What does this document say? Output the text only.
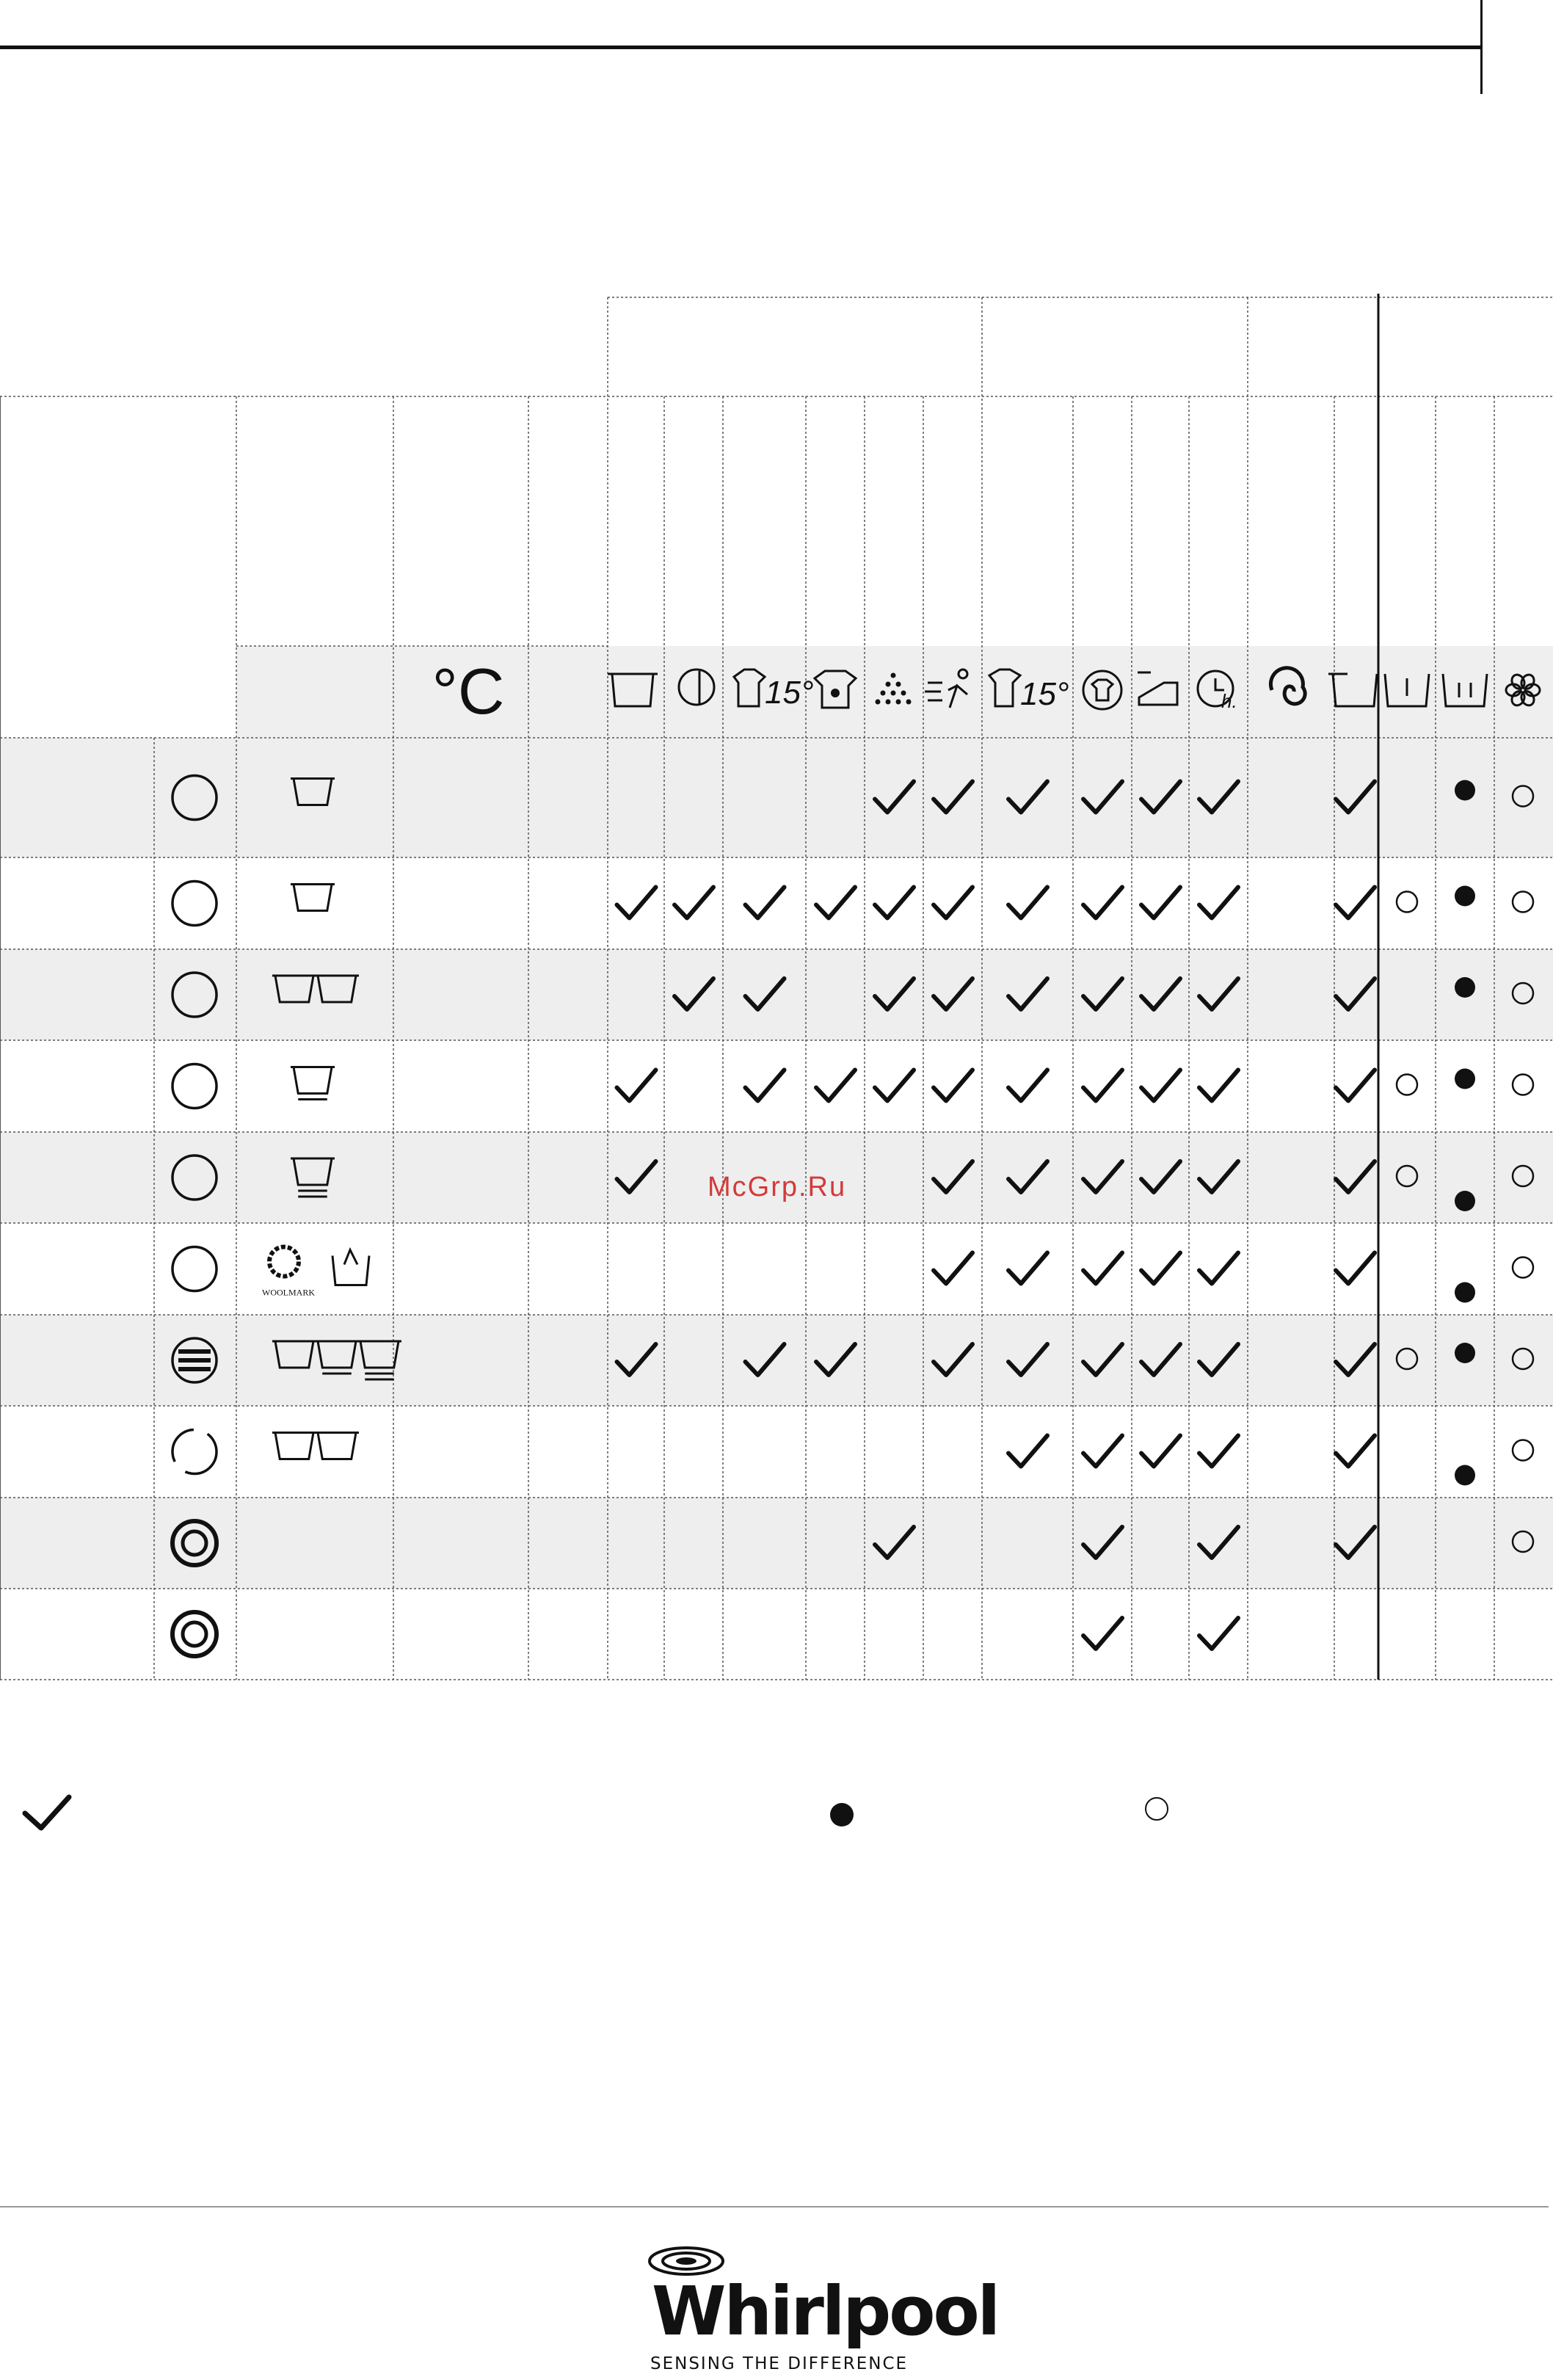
15°	15°	h.
°C
WOOLMARK
McGrp.Ru
Whirlpool
SENSING THE DIFFERENCE
